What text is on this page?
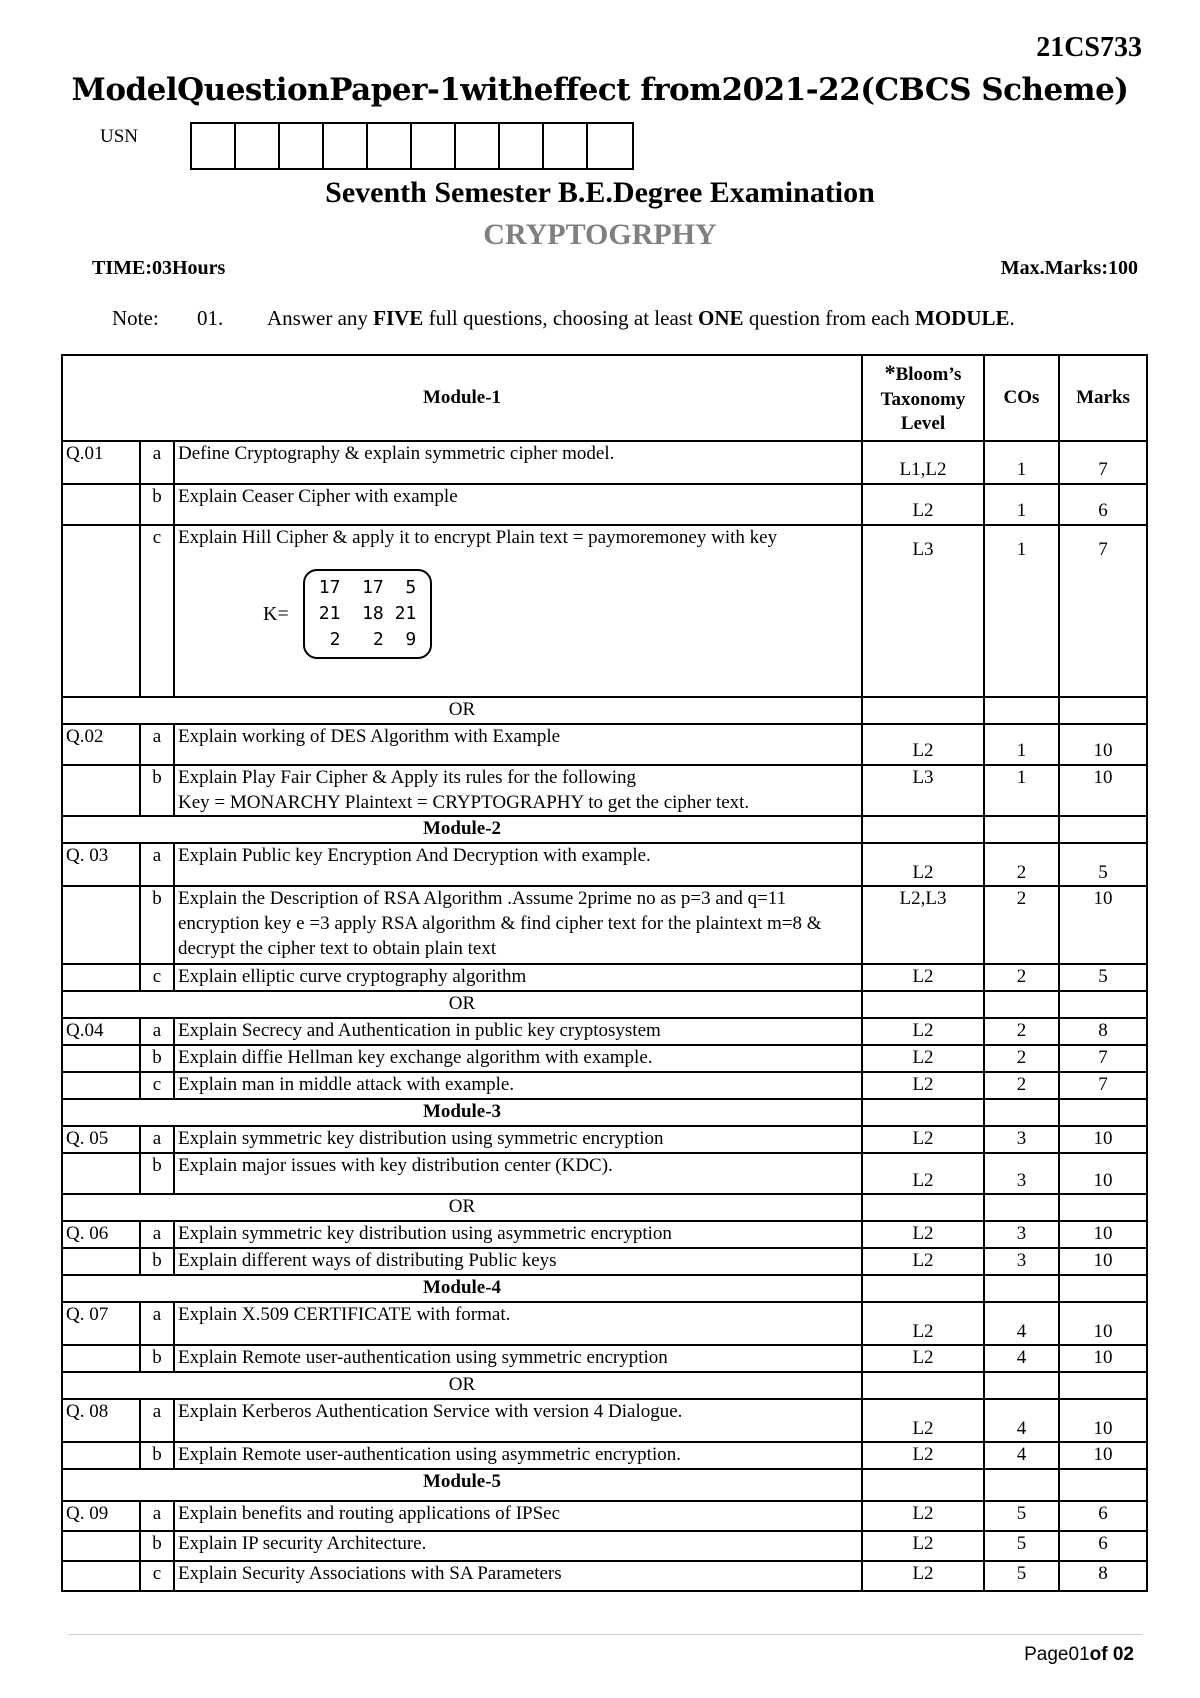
21CS733
ModelQuestionPaper-1witheffect from2021-22(CBCS Scheme)
USN
Seventh Semester B.E.Degree Examination
CRYPTOGRPHY
TIME:03Hours	Max.Marks:100
Note: 01. Answer any FIVE full questions, choosing at least ONE question from each MODULE.
Module-1			*Bloom’s Taxonomy Level	COs	Marks
Q.01	a	Define Cryptography & explain symmetric cipher model.	L1,L2	1	7
	b	Explain Ceaser Cipher with example	L2	1	6
	c	Explain Hill Cipher & apply it to encrypt Plain text = paymoremoney with key
K=
17  17  5
21  18 21
2   2  9	L3	1	7
OR					
Q.02	a	Explain working of DES Algorithm with Example	L2	1	10
	b	Explain Play Fair Cipher & Apply its rules for the following
Key = MONARCHY Plaintext = CRYPTOGRAPHY to get the cipher text.	L3	1	10
Module-2					
Q. 03	a	Explain Public key Encryption And Decryption with example.	L2	2	5
	b	Explain the Description of RSA Algorithm .Assume 2prime no as p=3 and q=11 encryption key e =3 apply RSA algorithm & find cipher text for the plaintext m=8 & decrypt the cipher text to obtain plain text	L2,L3	2	10
	c	Explain elliptic curve cryptography algorithm	L2	2	5
OR					
Q.04	a	Explain Secrecy and Authentication in public key cryptosystem	L2	2	8
	b	Explain diffie Hellman key exchange algorithm with example.	L2	2	7
	c	Explain man in middle attack with example.	L2	2	7
Module-3					
Q. 05	a	Explain symmetric key distribution using symmetric encryption	L2	3	10
	b	Explain major issues with key distribution center (KDC).	L2	3	10
OR					
Q. 06	a	Explain symmetric key distribution using asymmetric encryption	L2	3	10
	b	Explain different ways of distributing Public keys	L2	3	10
Module-4					
Q. 07	a	Explain X.509 CERTIFICATE with format.	L2	4	10
	b	Explain Remote user-authentication using symmetric encryption	L2	4	10
OR					
Q. 08	a	Explain Kerberos Authentication Service with version 4 Dialogue.	L2	4	10
	b	Explain Remote user-authentication using asymmetric encryption.	L2	4	10
Module-5					
Q. 09	a	Explain benefits and routing applications of IPSec	L2	5	6
	b	Explain IP security Architecture.	L2	5	6
	c	Explain Security Associations with SA Parameters	L2	5	8
Page01of 02
